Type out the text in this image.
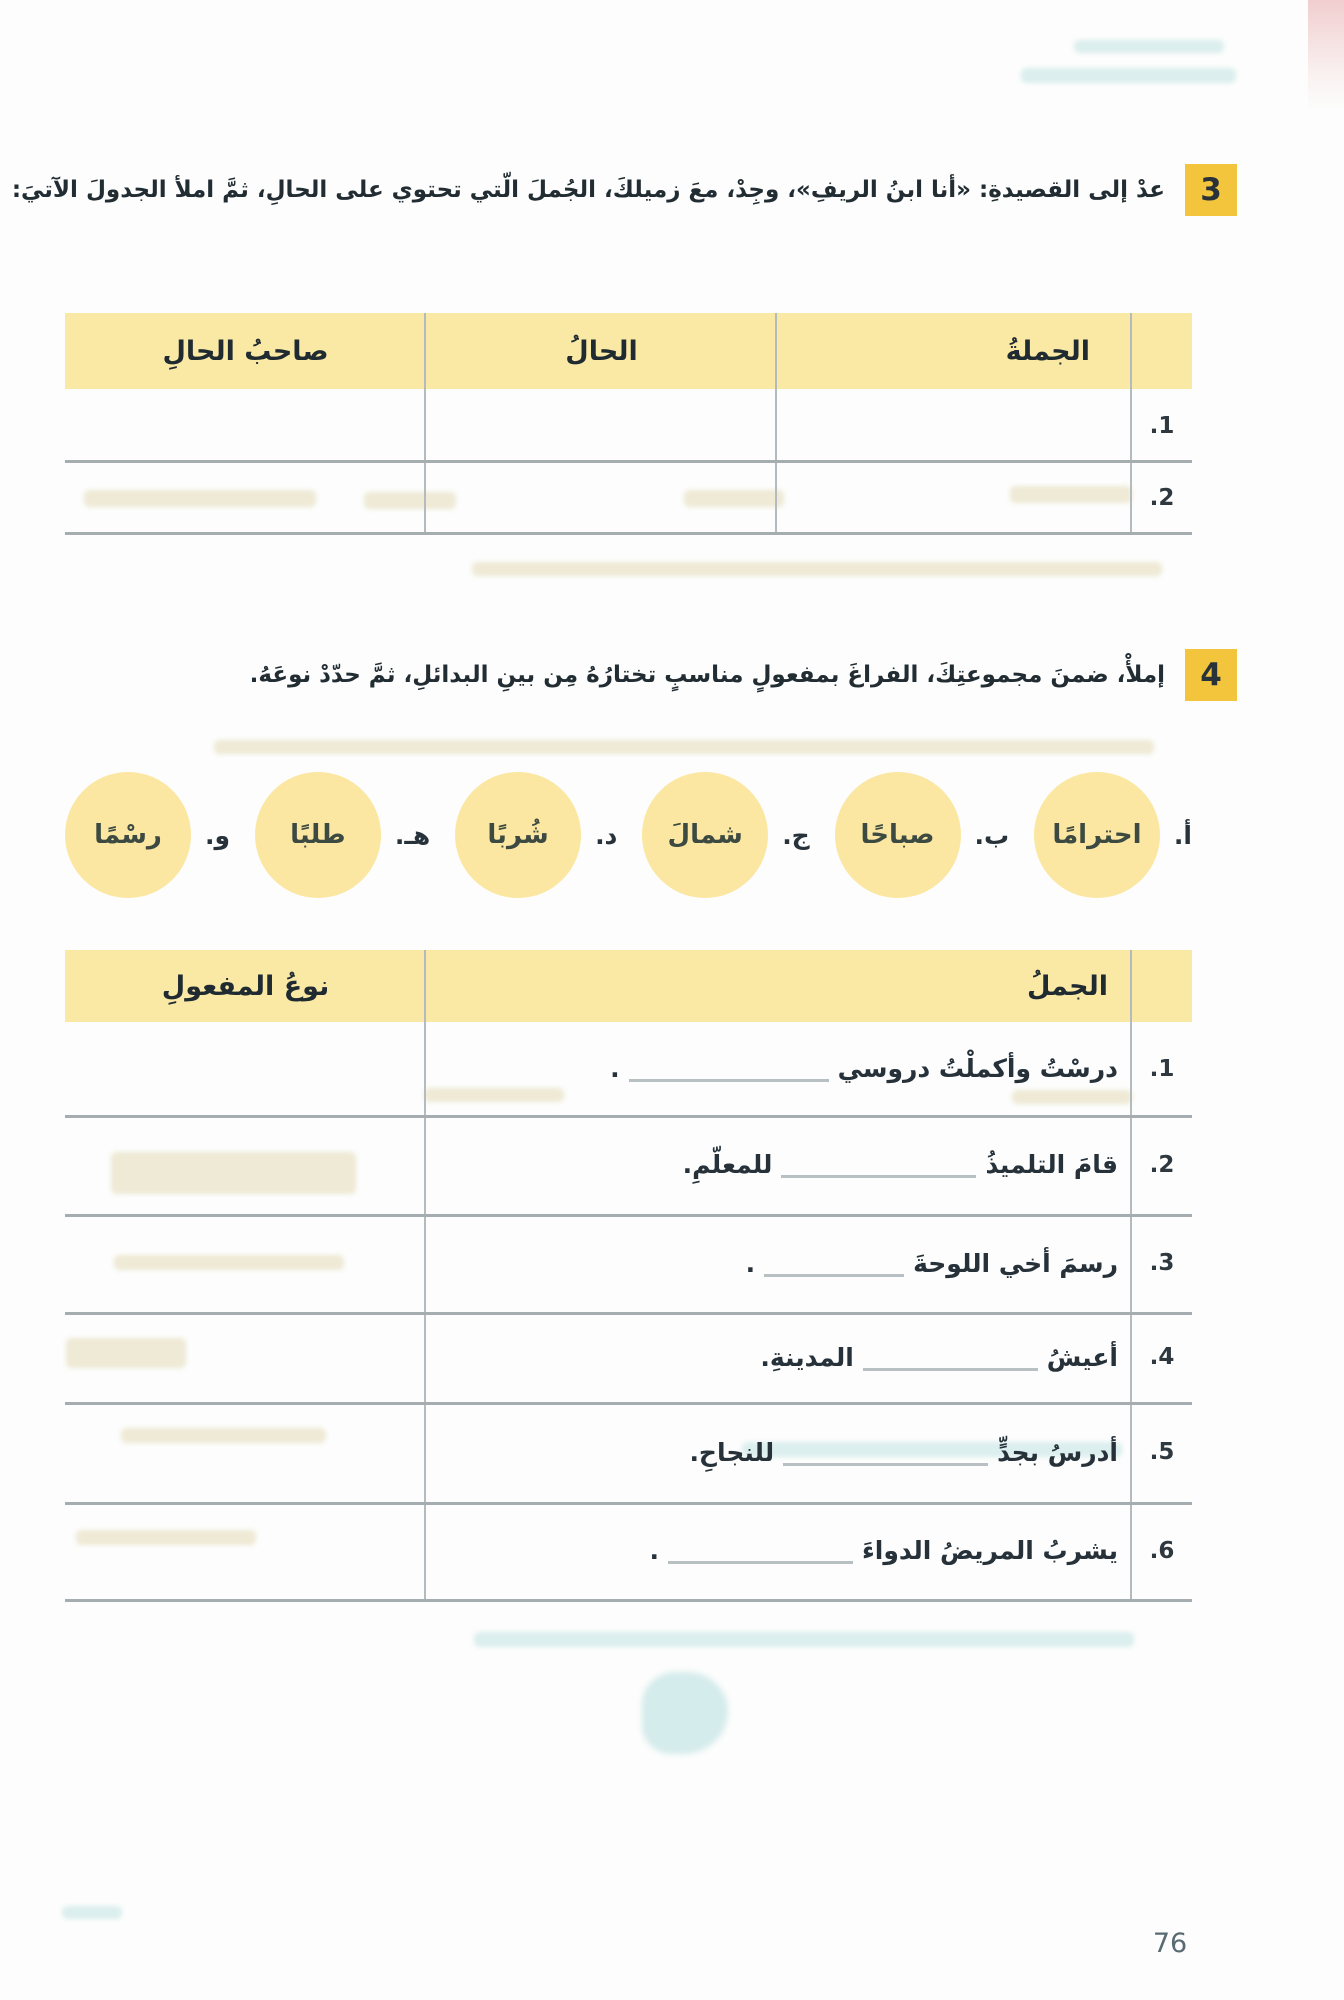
3

عدْ إلى القصيدةِ: «أنا ابنُ الريفِ»، وجِدْ، معَ زميلكَ، الجُملَ الّتي تحتوي على الحالِ، ثمَّ املأ الجدولَ الآتيَ:

الجملةُ
الحالُ
صاحبُ الحالِ
.1
.2
4

إملأْ، ضمنَ مجموعتِكَ، الفراغَ بمفعولٍ مناسبٍ تختارُهُ مِن بينِ البدائلِ، ثمَّ حدّدْ نوعَهُ.

أ.
احترامًا
ب.
صباحًا
ج.
شمالَ
د.
شُربًا
هـ.
طلبًا
و.
رسْمًا
الجملُ
نوعُ المفعولِ
.1
.2
.3
.4
.5
.6
درسْتُ وأكملْتُ دروسي
.
قامَ التلميذُ
للمعلّمِ.
رسمَ أخي اللوحةَ
.
أعيشُ
المدينةِ.
أدرسُ بجدٍّ
للنجاحِ.
يشربُ المريضُ الدواءَ
.
76
